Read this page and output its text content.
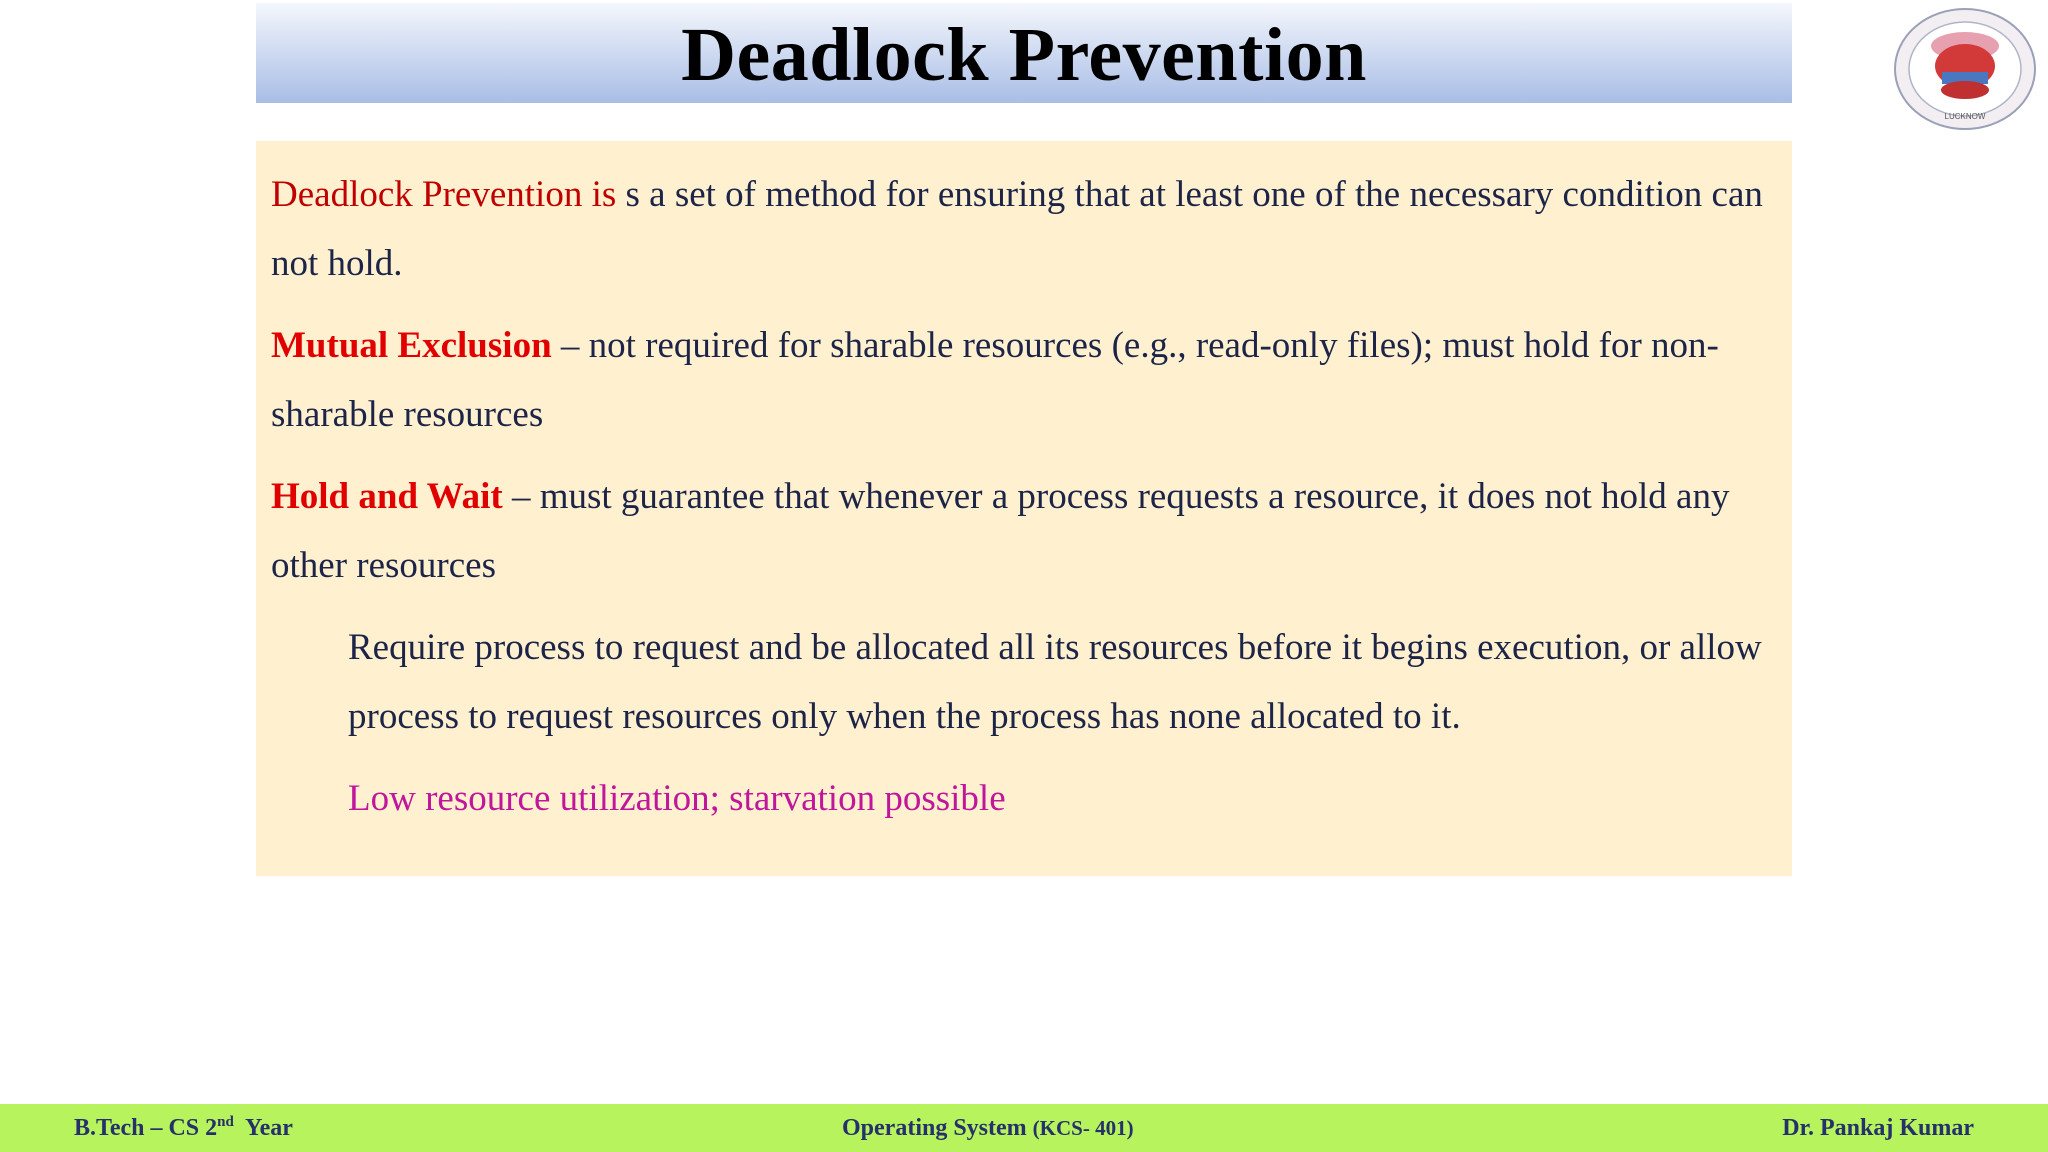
Deadlock Prevention
LUCKNOW

Deadlock Prevention is s a set of method for ensuring that at least one of the necessary condition can not hold.

Mutual Exclusion – not required for sharable resources (e.g., read-only files); must hold for non-sharable resources

Hold and Wait – must guarantee that whenever a process requests a resource, it does not hold any other resources

Require process to request and be allocated all its resources before it begins execution, or allow process to request resources only when the process has none allocated to it.

Low resource utilization; starvation possible

B.Tech – CS 2nd  Year	Operating System (KCS- 401)	Dr. Pankaj Kumar
